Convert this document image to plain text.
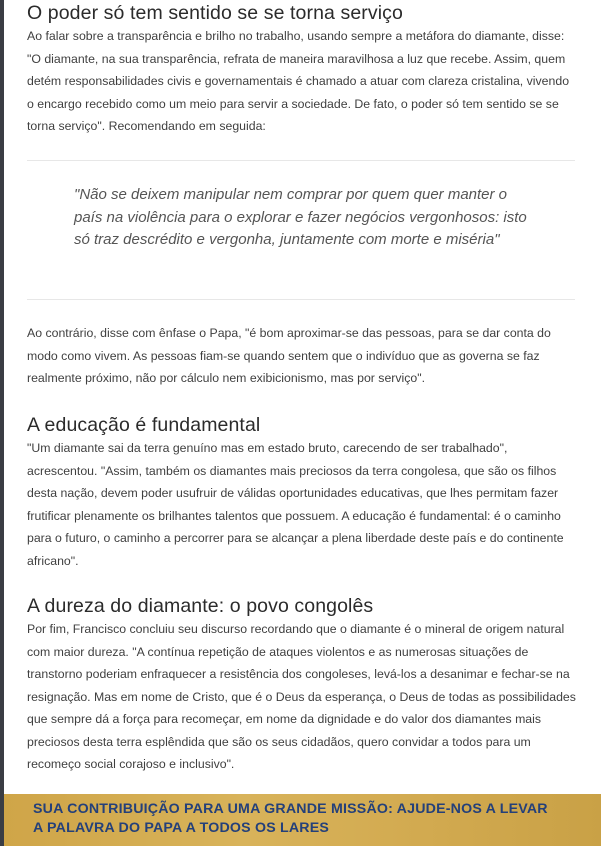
O poder só tem sentido se se torna serviço

Ao falar sobre a transparência e brilho no trabalho, usando sempre a metáfora do diamante, disse: "O diamante, na sua transparência, refrata de maneira maravilhosa a luz que recebe. Assim, quem detém responsabilidades civis e governamentais é chamado a atuar com clareza cristalina, vivendo o encargo recebido como um meio para servir a sociedade. De fato, o poder só tem sentido se se torna serviço". Recomendando em seguida:

"Não se deixem manipular nem comprar por quem quer manter o país na violência para o explorar e fazer negócios vergonhosos: isto só traz descrédito e vergonha, juntamente com morte e miséria"

Ao contrário, disse com ênfase o Papa, "é bom aproximar-se das pessoas, para se dar conta do modo como vivem. As pessoas fiam-se quando sentem que o indivíduo que as governa se faz realmente próximo, não por cálculo nem exibicionismo, mas por serviço".

A educação é fundamental

"Um diamante sai da terra genuíno mas em estado bruto, carecendo de ser trabalhado", acrescentou. "Assim, também os diamantes mais preciosos da terra congolesa, que são os filhos desta nação, devem poder usufruir de válidas oportunidades educativas, que lhes permitam fazer frutificar plenamente os brilhantes talentos que possuem. A educação é fundamental: é o caminho para o futuro, o caminho a percorrer para se alcançar a plena liberdade deste país e do continente africano".

A dureza do diamante: o povo congolês

Por fim, Francisco concluiu seu discurso recordando que o diamante é o mineral de origem natural com maior dureza. "A contínua repetição de ataques violentos e as numerosas situações de transtorno poderiam enfraquecer a resistência dos congoleses, levá-los a desanimar e fechar-se na resignação. Mas em nome de Cristo, que é o Deus da esperança, o Deus de todas as possibilidades que sempre dá a força para recomeçar, em nome da dignidade e do valor dos diamantes mais preciosos desta terra esplêndida que são os seus cidadãos, quero convidar a todos para um recomeço social corajoso e inclusivo".

SUA CONTRIBUIÇÃO PARA UMA GRANDE MISSÃO: AJUDE-NOS A LEVAR A PALAVRA DO PAPA A TODOS OS LARES
